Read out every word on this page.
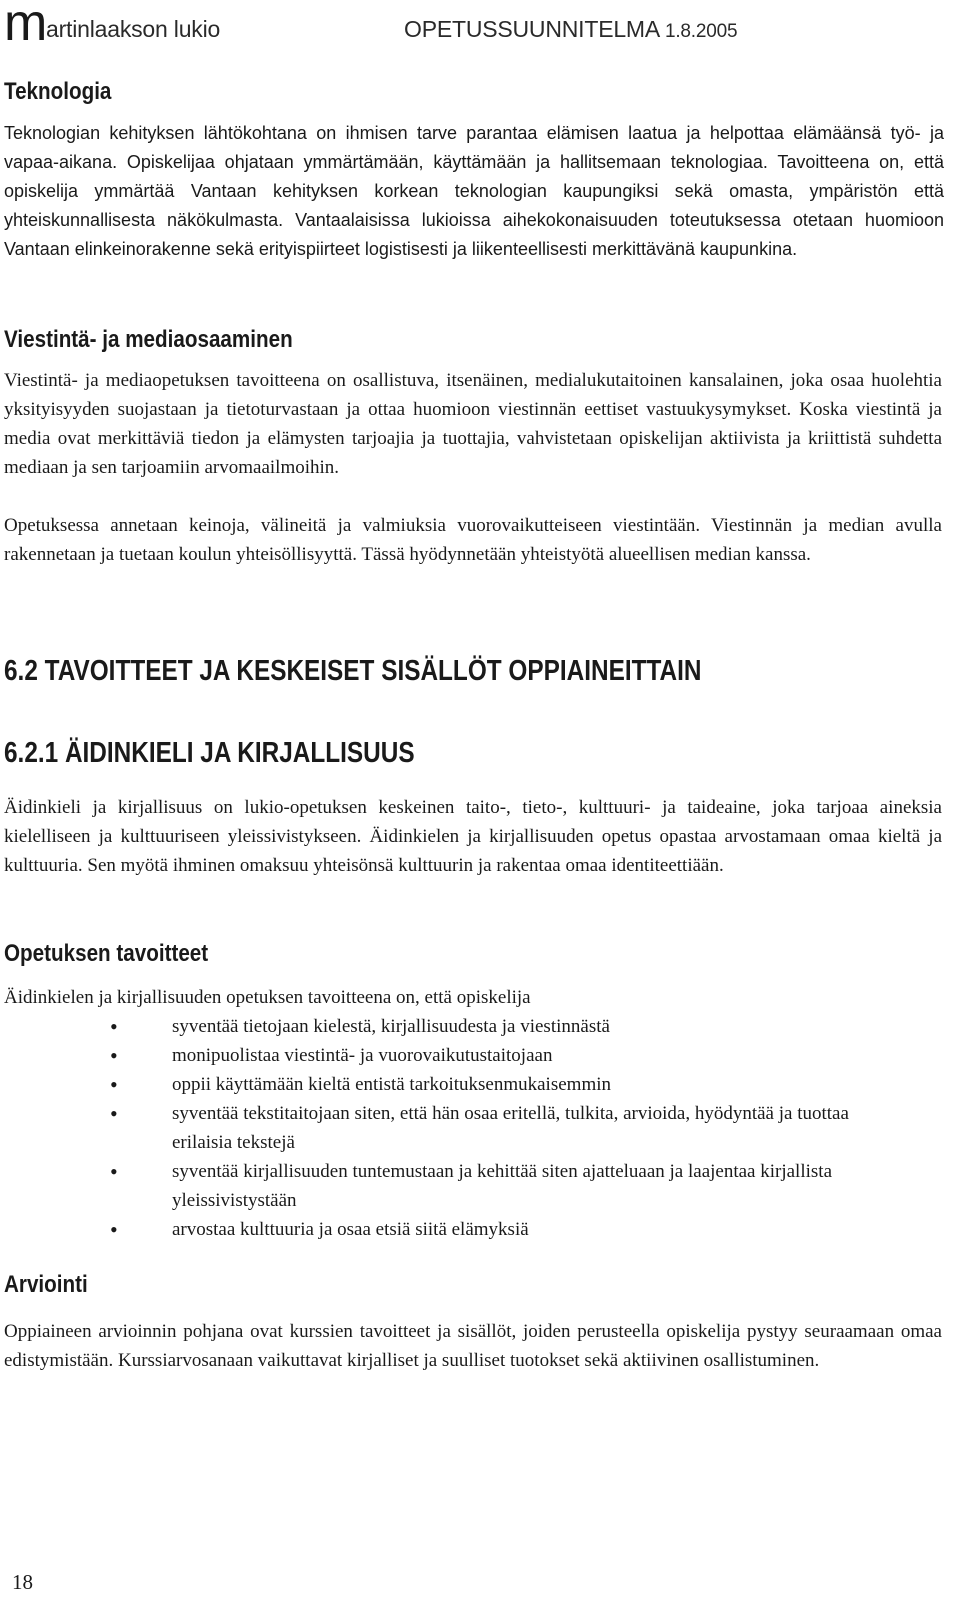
m
artinlaakson lukio	OPETUSSUUNNITELMA 1.8.2005
Teknologia
Teknologian kehityksen lähtökohtana on ihmisen tarve parantaa elämisen laatua ja helpottaa elämäänsä työ- ja vapaa-aikana. Opiskelijaa ohjataan ymmärtämään, käyttämään ja hallitsemaan teknologiaa. Tavoitteena on, että opiskelija ymmärtää Vantaan kehityksen korkean teknologian kaupungiksi sekä omasta, ympäristön että yhteiskunnallisesta näkökulmasta. Vantaalaisissa lukioissa aihekokonaisuuden toteutuksessa otetaan huomioon Vantaan elinkeinorakenne sekä erityispiirteet logistisesti ja liikenteellisesti merkittävänä kaupunkina.
Viestintä- ja mediaosaaminen
Viestintä- ja mediaopetuksen tavoitteena on osallistuva, itsenäinen, medialukutaitoinen kansalainen, joka osaa huolehtia yksityisyyden suojastaan ja tietoturvastaan ja ottaa huomioon viestinnän eettiset vastuukysymykset. Koska viestintä ja media ovat merkittäviä tiedon ja elämysten tarjoajia ja tuottajia, vahvistetaan opiskelijan aktiivista ja kriittistä suhdetta mediaan ja sen tarjoamiin arvomaailmoihin.
Opetuksessa annetaan keinoja, välineitä ja valmiuksia vuorovaikutteiseen viestintään. Viestinnän ja median avulla rakennetaan ja tuetaan koulun yhteisöllisyyttä. Tässä hyödynnetään yhteistyötä alueellisen median kanssa.
6.2 TAVOITTEET JA KESKEISET SISÄLLÖT OPPIAINEITTAIN
6.2.1 ÄIDINKIELI JA KIRJALLISUUS
Äidinkieli ja kirjallisuus on lukio-opetuksen keskeinen taito-, tieto-, kulttuuri- ja taideaine, joka tarjoaa aineksia kielelliseen ja kulttuuriseen yleissivistykseen. Äidinkielen ja kirjallisuuden opetus opastaa arvostamaan omaa kieltä ja kulttuuria. Sen myötä ihminen omaksuu yhteisönsä kulttuurin ja rakentaa omaa identiteettiään.
Opetuksen tavoitteet
Äidinkielen ja kirjallisuuden opetuksen tavoitteena on, että opiskelija
•	syventää tietojaan kielestä, kirjallisuudesta ja viestinnästä
•	monipuolistaa viestintä- ja vuorovaikutustaitojaan
•	oppii käyttämään kieltä entistä tarkoituksenmukaisemmin
•	syventää tekstitaitojaan siten, että hän osaa eritellä, tulkita, arvioida, hyödyntää ja tuottaa erilaisia tekstejä
•	syventää kirjallisuuden tuntemustaan ja kehittää siten ajatteluaan ja laajentaa kirjallista yleissivistystään
•	arvostaa kulttuuria ja osaa etsiä siitä elämyksiä
Arviointi
Oppiaineen arvioinnin pohjana ovat kurssien tavoitteet ja sisällöt, joiden perusteella opiskelija pystyy seuraamaan omaa edistymistään. Kurssiarvosanaan vaikuttavat kirjalliset ja suulliset tuotokset sekä aktiivinen osallistuminen.
18
